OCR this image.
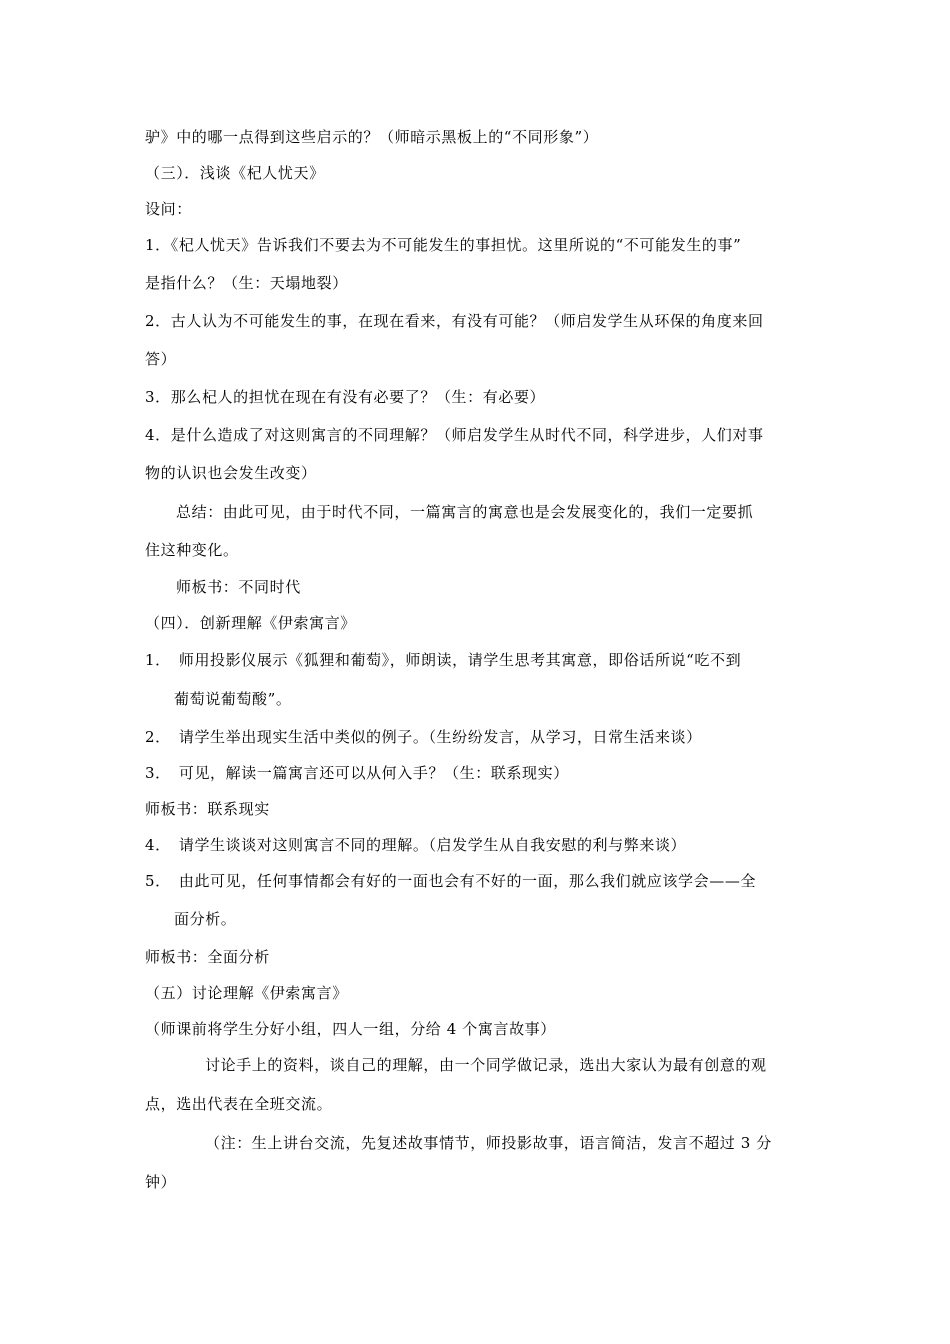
驴》中的哪一点得到这些启示的？（师暗示黑板上的“不同形象”）
（三）．浅谈《杞人忧天》
设问：
1．《杞人忧天》告诉我们不要去为不可能发生的事担忧。这里所说的“不可能发生的事”
是指什么？（生：天塌地裂）
2．古人认为不可能发生的事，在现在看来，有没有可能？（师启发学生从环保的角度来回
答）
3．那么杞人的担忧在现在有没有必要了？（生：有必要）
4．是什么造成了对这则寓言的不同理解？（师启发学生从时代不同，科学进步，人们对事
物的认识也会发生改变）
总结：由此可见，由于时代不同，一篇寓言的寓意也是会发展变化的，我们一定要抓
住这种变化。
师板书：不同时代
（四）．创新理解《伊索寓言》
1．　师用投影仪展示《狐狸和葡萄》，师朗读，请学生思考其寓意，即俗话所说“吃不到
葡萄说葡萄酸”。
2．　请学生举出现实生活中类似的例子。（生纷纷发言，从学习，日常生活来谈）
3．　可见，解读一篇寓言还可以从何入手？（生：联系现实）
师板书：联系现实
4．　请学生谈谈对这则寓言不同的理解。（启发学生从自我安慰的利与弊来谈）
5．　由此可见，任何事情都会有好的一面也会有不好的一面，那么我们就应该学会——全
面分析。
师板书：全面分析
（五）讨论理解《伊索寓言》
（师课前将学生分好小组，四人一组，分给 4 个寓言故事）
讨论手上的资料，谈自己的理解，由一个同学做记录，选出大家认为最有创意的观
点，选出代表在全班交流。
（注：生上讲台交流，先复述故事情节，师投影故事，语言简洁，发言不超过 3 分
钟）
